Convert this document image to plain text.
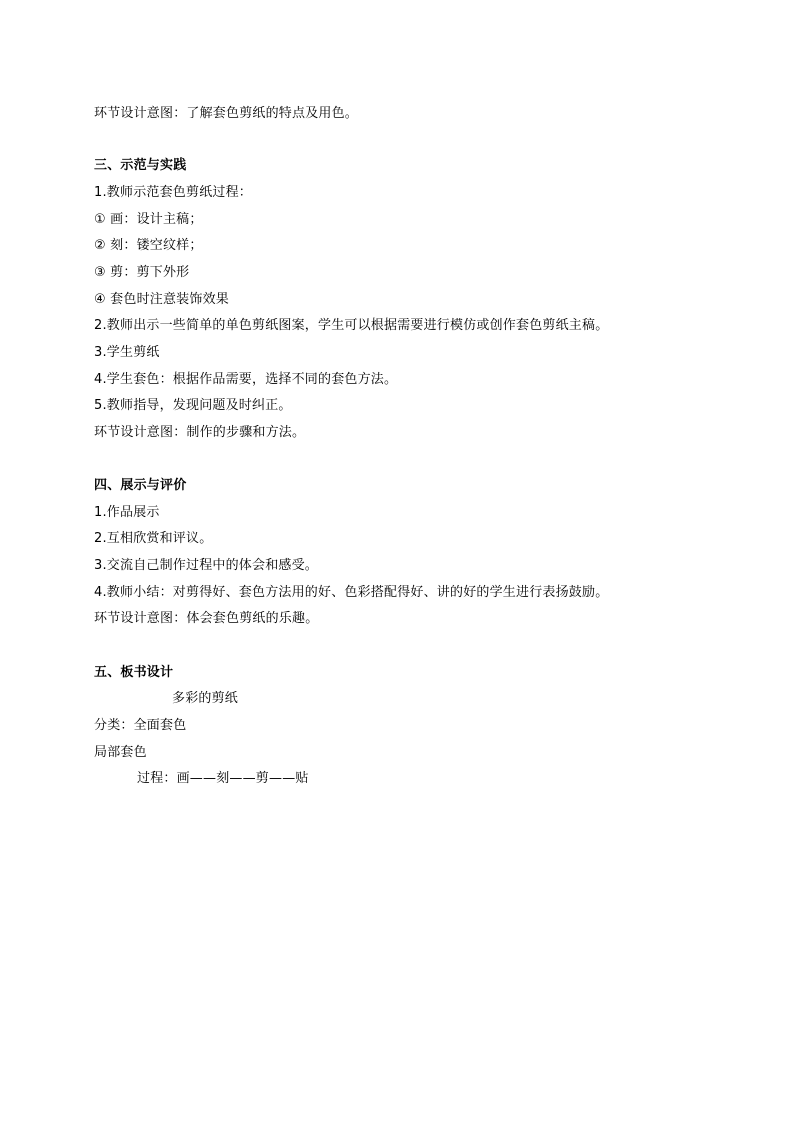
环节设计意图：了解套色剪纸的特点及用色。
三、示范与实践
1.教师示范套色剪纸过程：
① 画：设计主稿；
② 刻：镂空纹样；
③ 剪：剪下外形
④ 套色时注意装饰效果
2.教师出示一些简单的单色剪纸图案，学生可以根据需要进行模仿或创作套色剪纸主稿。
3.学生剪纸
4.学生套色：根据作品需要，选择不同的套色方法。
5.教师指导，发现问题及时纠正。
环节设计意图：制作的步骤和方法。
四、展示与评价
1.作品展示
2.互相欣赏和评议。
3.交流自己制作过程中的体会和感受。
4.教师小结：对剪得好、套色方法用的好、色彩搭配得好、讲的好的学生进行表扬鼓励。
环节设计意图：体会套色剪纸的乐趣。
五、板书设计
多彩的剪纸
分类：全面套色
局部套色
过程：画——刻——剪——贴
